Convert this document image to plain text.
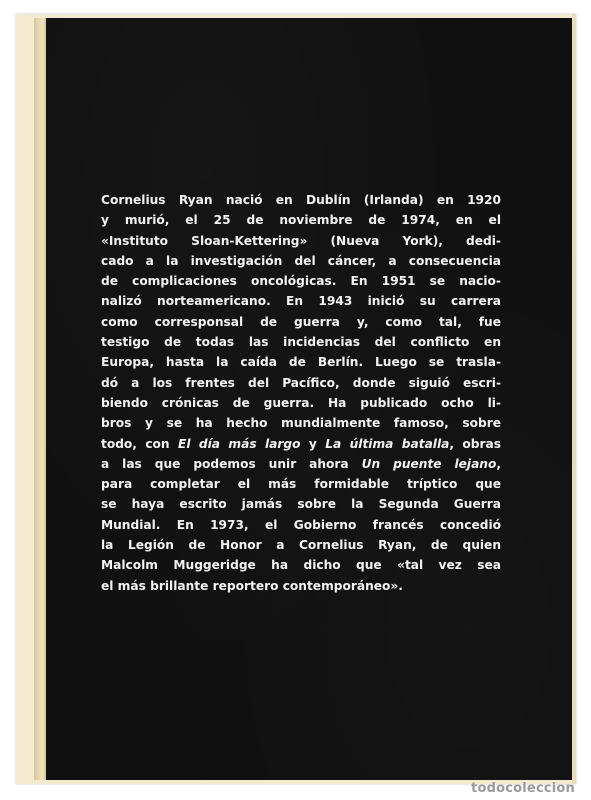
Cornelius Ryan nació en Dublín (Irlanda) en 1920
y murió, el 25 de noviembre de 1974, en el
«Instituto Sloan-Kettering» (Nueva York), dedi-
cado a la investigación del cáncer, a consecuencia
de complicaciones oncológicas. En 1951 se nacio-
nalizó norteamericano. En 1943 inició su carrera
como corresponsal de guerra y, como tal, fue
testigo de todas las incidencias del conflicto en
Europa, hasta la caída de Berlín. Luego se trasla-
dó a los frentes del Pacífico, donde siguió escri-
biendo crónicas de guerra. Ha publicado ocho li-
bros y se ha hecho mundialmente famoso, sobre
todo, con El día más largo y La última batalla, obras
a las que podemos unir ahora Un puente lejano,
para completar el más formidable tríptico que
se haya escrito jamás sobre la Segunda Guerra
Mundial. En 1973, el Gobierno francés concedió
la Legión de Honor a Cornelius Ryan, de quien
Malcolm Muggeridge ha dicho que «tal vez sea
el más brillante reportero contemporáneo».

todocoleccion
